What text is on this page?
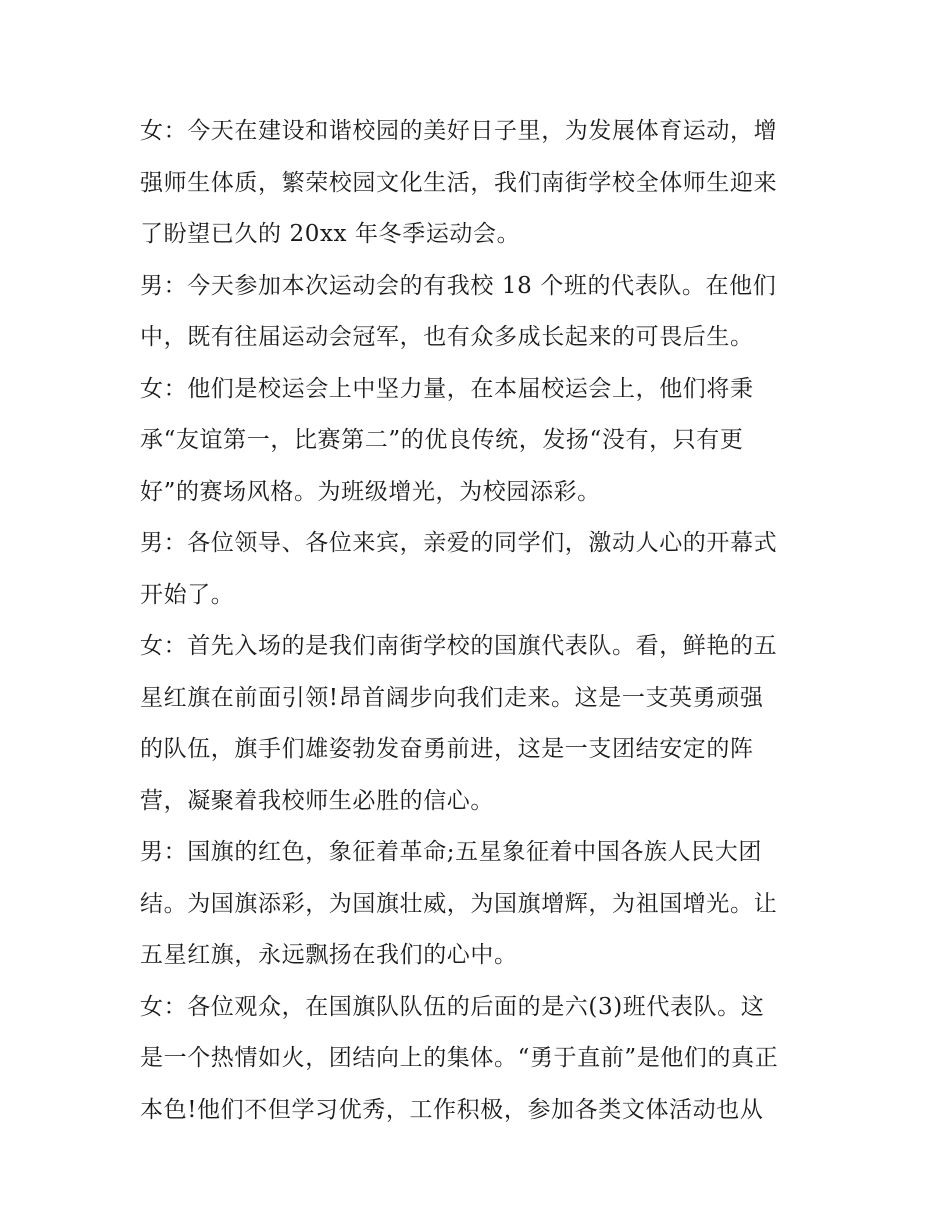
女：今天在建设和谐校园的美好日子里，为发展体育运动，增
强师生体质，繁荣校园文化生活，我们南街学校全体师生迎来
了盼望已久的 20xx 年冬季运动会。
男：今天参加本次运动会的有我校 18 个班的代表队。在他们
中，既有往届运动会冠军，也有众多成长起来的可畏后生。
女：他们是校运会上中坚力量，在本届校运会上，他们将秉
承“友谊第一，比赛第二”的优良传统，发扬“没有，只有更
好”的赛场风格。为班级增光，为校园添彩。
男：各位领导、各位来宾，亲爱的同学们，激动人心的开幕式
开始了。
女：首先入场的是我们南街学校的国旗代表队。看，鲜艳的五
星红旗在前面引领!昂首阔步向我们走来。这是一支英勇顽强
的队伍，旗手们雄姿勃发奋勇前进，这是一支团结安定的阵
营，凝聚着我校师生必胜的信心。
男：国旗的红色，象征着革命;五星象征着中国各族人民大团
结。为国旗添彩，为国旗壮威，为国旗增辉，为祖国增光。让
五星红旗，永远飘扬在我们的心中。
女：各位观众，在国旗队队伍的后面的是六(3)班代表队。这
是一个热情如火，团结向上的集体。“勇于直前”是他们的真正
本色!他们不但学习优秀，工作积极，参加各类文体活动也从
